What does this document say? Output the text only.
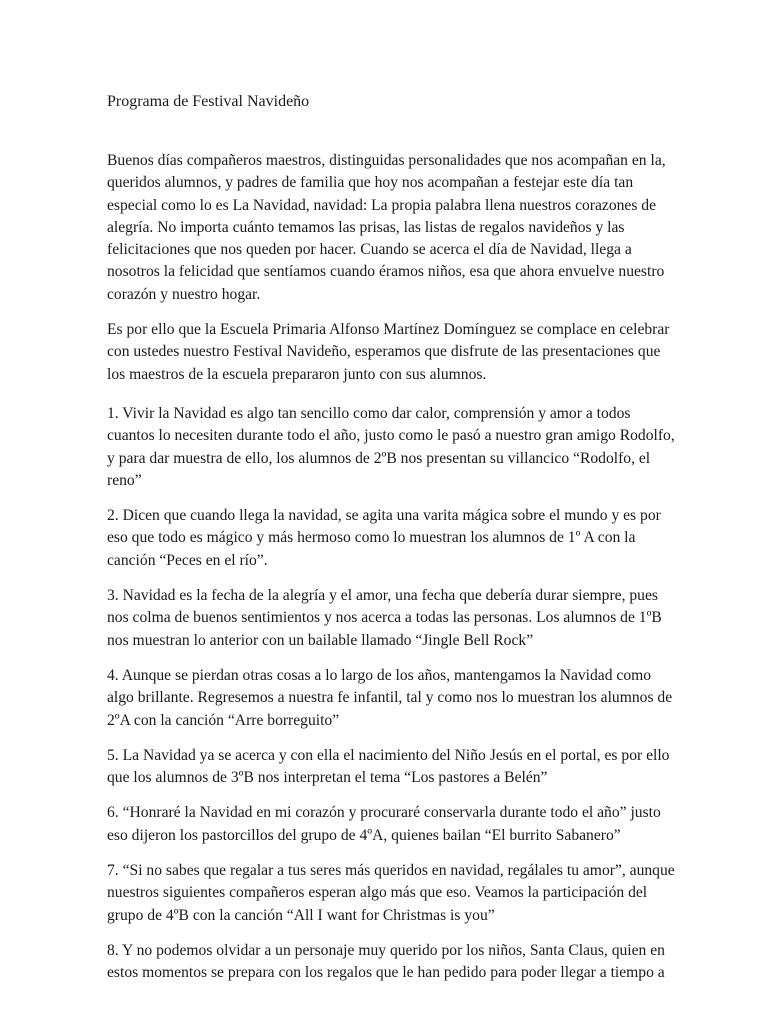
Programa de Festival Navideño

Buenos días compañeros maestros, distinguidas personalidades que nos acompañan en la,
queridos alumnos, y padres de familia que hoy nos acompañan a festejar este día tan
especial como lo es La Navidad, navidad: La propia palabra llena nuestros corazones de
alegría. No importa cuánto temamos las prisas, las listas de regalos navideños y las
felicitaciones que nos queden por hacer. Cuando se acerca el día de Navidad, llega a
nosotros la felicidad que sentíamos cuando éramos niños, esa que ahora envuelve nuestro
corazón y nuestro hogar.

Es por ello que la Escuela Primaria Alfonso Martínez Domínguez se complace en celebrar
con ustedes nuestro Festival Navideño, esperamos que disfrute de las presentaciones que
los maestros de la escuela prepararon junto con sus alumnos.

1. Vivir la Navidad es algo tan sencillo como dar calor, comprensión y amor a todos
cuantos lo necesiten durante todo el año, justo como le pasó a nuestro gran amigo Rodolfo,
y para dar muestra de ello, los alumnos de 2ºB nos presentan su villancico “Rodolfo, el
reno”

2. Dicen que cuando llega la navidad, se agita una varita mágica sobre el mundo y es por
eso que todo es mágico y más hermoso como lo muestran los alumnos de 1º A con la
canción “Peces en el río”.

3. Navidad es la fecha de la alegría y el amor, una fecha que debería durar siempre, pues
nos colma de buenos sentimientos y nos acerca a todas las personas. Los alumnos de 1ºB
nos muestran lo anterior con un bailable llamado “Jingle Bell Rock”

4. Aunque se pierdan otras cosas a lo largo de los años, mantengamos la Navidad como
algo brillante. Regresemos a nuestra fe infantil, tal y como nos lo muestran los alumnos de
2ºA con la canción “Arre borreguito”

5. La Navidad ya se acerca y con ella el nacimiento del Niño Jesús en el portal, es por ello
que los alumnos de 3ºB nos interpretan el tema “Los pastores a Belén”

6. “Honraré la Navidad en mi corazón y procuraré conservarla durante todo el año” justo
eso dijeron los pastorcillos del grupo de 4ºA, quienes bailan “El burrito Sabanero”

7. “Si no sabes que regalar a tus seres más queridos en navidad, regálales tu amor”, aunque
nuestros siguientes compañeros esperan algo más que eso. Veamos la participación del
grupo de 4ºB con la canción “All I want for Christmas is you”

8. Y no podemos olvidar a un personaje muy querido por los niños, Santa Claus, quien en
estos momentos se prepara con los regalos que le han pedido para poder llegar a tiempo a
